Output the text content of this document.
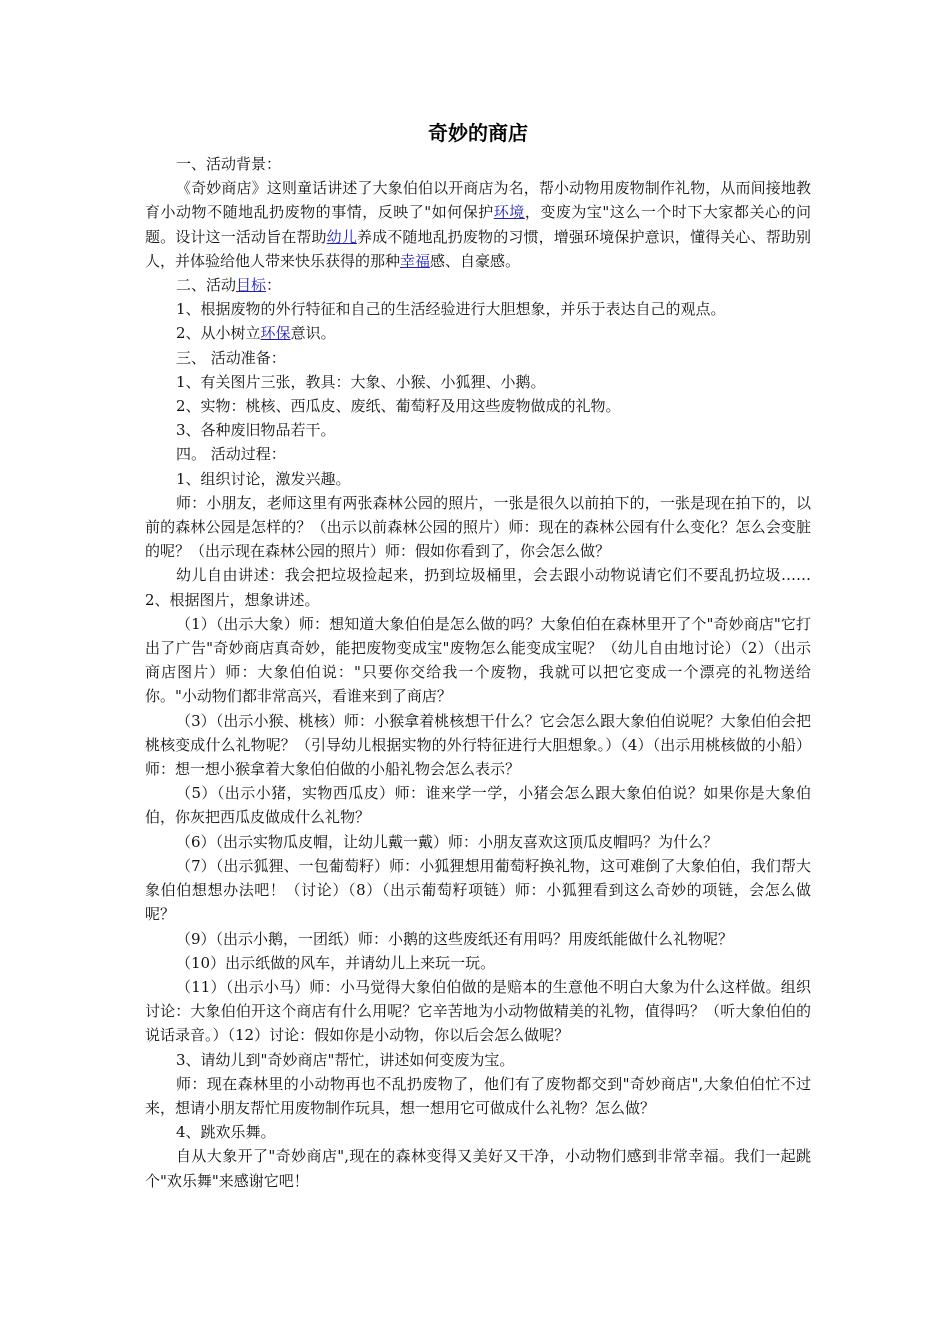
奇妙的商店

一、活动背景：

《奇妙商店》这则童话讲述了大象伯伯以开商店为名，帮小动物用废物制作礼物，从而间接地教育小动物不随地乱扔废物的事情，反映了"如何保护环境，变废为宝"这么一个时下大家都关心的问题。设计这一活动旨在帮助幼儿养成不随地乱扔废物的习惯，增强环境保护意识，懂得关心、帮助别人，并体验给他人带来快乐获得的那种幸福感、自豪感。

二、活动目标：

1、根据废物的外行特征和自己的生活经验进行大胆想象，并乐于表达自己的观点。

2、从小树立环保意识。

三、 活动准备：

1、有关图片三张，教具：大象、小猴、小狐狸、小鹅。

2、实物：桃核、西瓜皮、废纸、葡萄籽及用这些废物做成的礼物。

3、各种废旧物品若干。

四。 活动过程：

1、组织讨论，激发兴趣。

师：小朋友，老师这里有两张森林公园的照片，一张是很久以前拍下的，一张是现在拍下的，以前的森林公园是怎样的？（出示以前森林公园的照片）师：现在的森林公园有什么变化？怎么会变脏的呢？（出示现在森林公园的照片）师：假如你看到了，你会怎么做？

幼儿自由讲述：我会把垃圾捡起来，扔到垃圾桶里，会去跟小动物说请它们不要乱扔垃圾……2、根据图片，想象讲述。

（1）（出示大象）师：想知道大象伯伯是怎么做的吗？大象伯伯在森林里开了个"奇妙商店"它打出了广告"奇妙商店真奇妙，能把废物变成宝"废物怎么能变成宝呢？（幼儿自由地讨论）（2）（出示商店图片）师：大象伯伯说："只要你交给我一个废物，我就可以把它变成一个漂亮的礼物送给你。"小动物们都非常高兴，看谁来到了商店？

（3）（出示小猴、桃核）师：小猴拿着桃核想干什么？它会怎么跟大象伯伯说呢？大象伯伯会把桃核变成什么礼物呢？（引导幼儿根据实物的外行特征进行大胆想象。）（4）（出示用桃核做的小船）师：想一想小猴拿着大象伯伯做的小船礼物会怎么表示？

（5）（出示小猪，实物西瓜皮）师：谁来学一学，小猪会怎么跟大象伯伯说？如果你是大象伯伯，你灰把西瓜皮做成什么礼物？

（6）（出示实物瓜皮帽，让幼儿戴一戴）师：小朋友喜欢这顶瓜皮帽吗？为什么？

（7）（出示狐狸、一包葡萄籽）师：小狐狸想用葡萄籽换礼物，这可难倒了大象伯伯，我们帮大象伯伯想想办法吧！（讨论）（8）（出示葡萄籽项链）师：小狐狸看到这么奇妙的项链，会怎么做呢？

（9）（出示小鹅，一团纸）师：小鹅的这些废纸还有用吗？用废纸能做什么礼物呢？

（10）出示纸做的风车，并请幼儿上来玩一玩。

（11）（出示小马）师：小马觉得大象伯伯做的是赔本的生意他不明白大象为什么这样做。组织讨论：大象伯伯开这个商店有什么用呢？它辛苦地为小动物做精美的礼物，值得吗？（听大象伯伯的说话录音。）（12）讨论：假如你是小动物，你以后会怎么做呢？

3、请幼儿到"奇妙商店"帮忙，讲述如何变废为宝。

师：现在森林里的小动物再也不乱扔废物了，他们有了废物都交到"奇妙商店",大象伯伯忙不过来，想请小朋友帮忙用废物制作玩具，想一想用它可做成什么礼物？怎么做？

4、跳欢乐舞。

自从大象开了"奇妙商店",现在的森林变得又美好又干净，小动物们感到非常幸福。我们一起跳个"欢乐舞"来感谢它吧！
